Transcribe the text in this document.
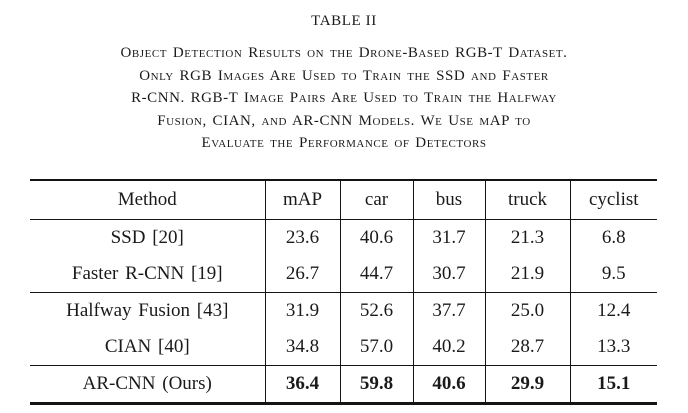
TABLE II
Object Detection Results on the Drone-Based RGB-T Dataset.
Only RGB Images Are Used to Train the SSD and Faster
R-CNN. RGB-T Image Pairs Are Used to Train the Halfway
Fusion, CIAN, and AR-CNN Models. We Use mAP to
Evaluate the Performance of Detectors
Method	mAP	car	bus	truck	cyclist
SSD [20]	23.6	40.6	31.7	21.3	6.8
Faster R-CNN [19]	26.7	44.7	30.7	21.9	9.5
Halfway Fusion [43]	31.9	52.6	37.7	25.0	12.4
CIAN [40]	34.8	57.0	40.2	28.7	13.3
AR-CNN (Ours)	36.4	59.8	40.6	29.9	15.1
